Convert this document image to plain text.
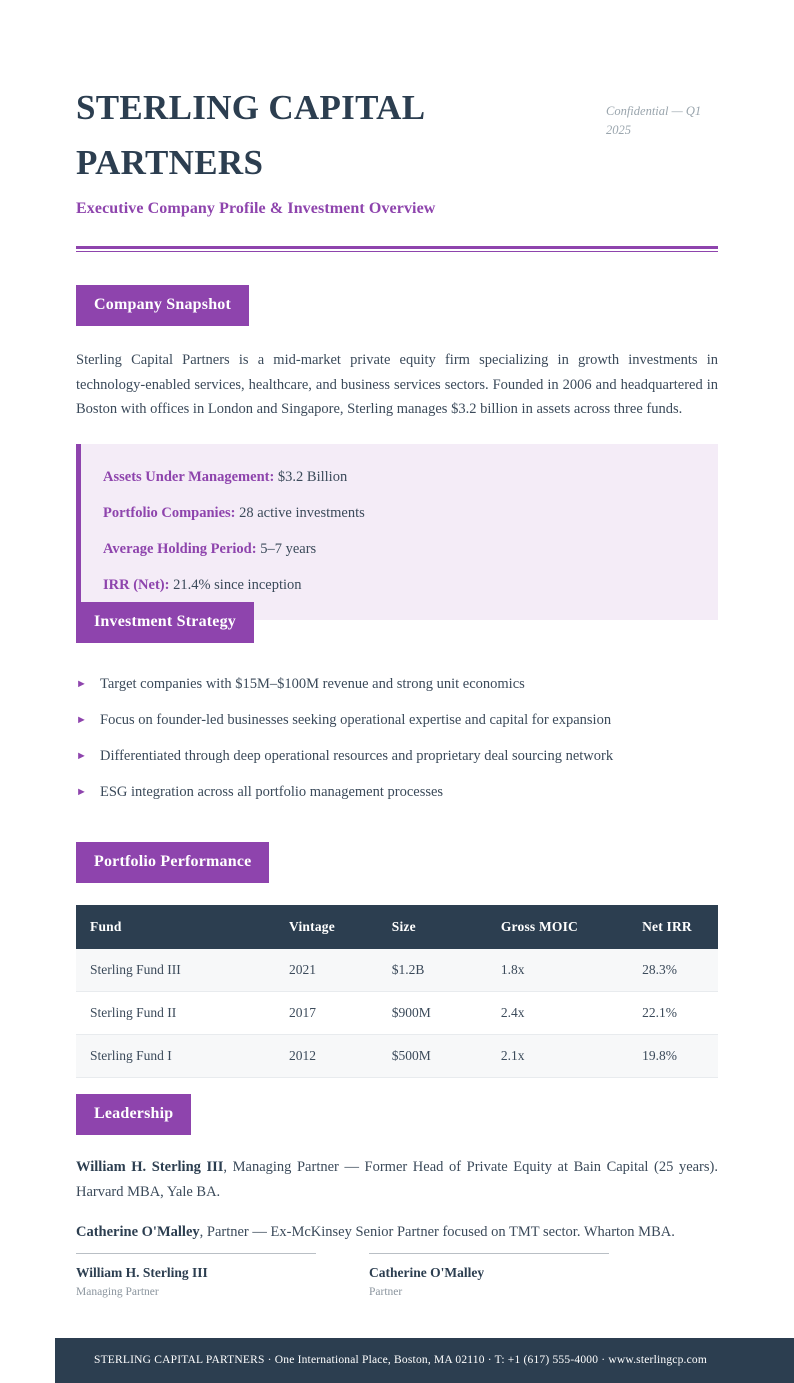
STERLING CAPITAL PARTNERS
Confidential — Q1 2025
Executive Company Profile & Investment Overview
Company Snapshot

Sterling Capital Partners is a mid-market private equity firm specializing in growth investments in technology-enabled services, healthcare, and business services sectors. Founded in 2006 and headquartered in Boston with offices in London and Singapore, Sterling manages $3.2 billion in assets across three funds.

Assets Under Management: $3.2 Billion
Portfolio Companies: 28 active investments
Average Holding Period: 5–7 years
IRR (Net): 21.4% since inception
Investment Strategy
► Target companies with $15M–$100M revenue and strong unit economics
► Focus on founder-led businesses seeking operational expertise and capital for expansion
► Differentiated through deep operational resources and proprietary deal sourcing network
► ESG integration across all portfolio management processes
Portfolio Performance
Fund	Vintage	Size	Gross MOIC	Net IRR
Sterling Fund III	2021	$1.2B	1.8x	28.3%
Sterling Fund II	2017	$900M	2.4x	22.1%
Sterling Fund I	2012	$500M	2.1x	19.8%
Leadership

William H. Sterling III, Managing Partner — Former Head of Private Equity at Bain Capital (25 years). Harvard MBA, Yale BA.

Catherine O'Malley, Partner — Ex-McKinsey Senior Partner focused on TMT sector. Wharton MBA.

William H. Sterling III
Managing Partner
Catherine O'Malley
Partner
STERLING CAPITAL PARTNERS · One International Place, Boston, MA 02110 · T: +1 (617) 555-4000 · www.sterlingcp.com
